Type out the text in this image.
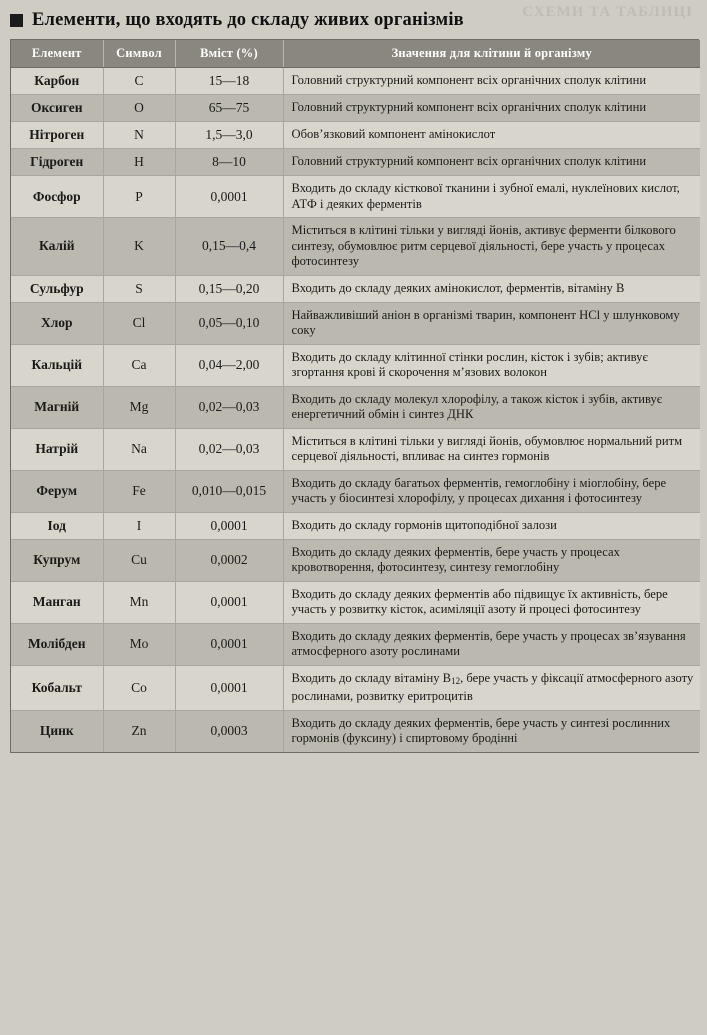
СХЕМИ ТА ТАБЛИЦІ
Елементи, що входять до складу живих організмів
Елемент	Символ	Вміст (%)	Значення для клітини й організму
Карбон	C	15—18	Головний структурний компонент всіх органічних сполук клітини
Оксиген	O	65—75	Головний структурний компонент всіх органічних сполук клітини
Нітроген	N	1,5—3,0	Обов’язковий компонент амінокислот
Гідроген	H	8—10	Головний структурний компонент всіх органічних сполук клітини
Фосфор	P	0,0001	Входить до складу кісткової тканини і зубної емалі, нуклеїнових кислот, АТФ і деяких ферментів
Калій	K	0,15—0,4	Міститься в клітині тільки у вигляді йонів, активує ферменти білкового синтезу, обумовлює ритм серцевої діяльності, бере участь у процесах фотосинтезу
Сульфур	S	0,15—0,20	Входить до складу деяких амінокислот, ферментів, вітаміну В
Хлор	Cl	0,05—0,10	Найважливіший аніон в організмі тварин, компонент НСl у шлунковому соку
Кальцій	Ca	0,04—2,00	Входить до складу клітинної стінки рослин, кісток і зубів; активує згортання крові й скорочення м’язових волокон
Магній	Mg	0,02—0,03	Входить до складу молекул хлорофілу, а також кісток і зубів, активує енергетичний обмін і синтез ДНК
Натрій	Na	0,02—0,03	Міститься в клітині тільки у вигляді йонів, обумовлює нормальний ритм серцевої діяльності, впливає на синтез гормонів
Ферум	Fe	0,010—0,015	Входить до складу багатьох ферментів, гемоглобіну і міоглобіну, бере участь у біосинтезі хлорофілу, у процесах дихання і фотосинтезу
Іод	I	0,0001	Входить до складу гормонів щитоподібної залози
Купрум	Cu	0,0002	Входить до складу деяких ферментів, бере участь у процесах кровотворення, фотосинтезу, синтезу гемоглобіну
Манган	Mn	0,0001	Входить до складу деяких ферментів або підвищує їх активність, бере участь у розвитку кісток, асиміляції азоту й процесі фотосинтезу
Молібден	Mo	0,0001	Входить до складу деяких ферментів, бере участь у процесах зв’язування атмосферного азоту рослинами
Кобальт	Co	0,0001	Входить до складу вітаміну $В_{12}$, бере участь у фіксації атмосферного азоту рослинами, розвитку еритроцитів
Цинк	Zn	0,0003	Входить до складу деяких ферментів, бере участь у синтезі рослинних гормонів (фуксину) і спиртовому бродінні
